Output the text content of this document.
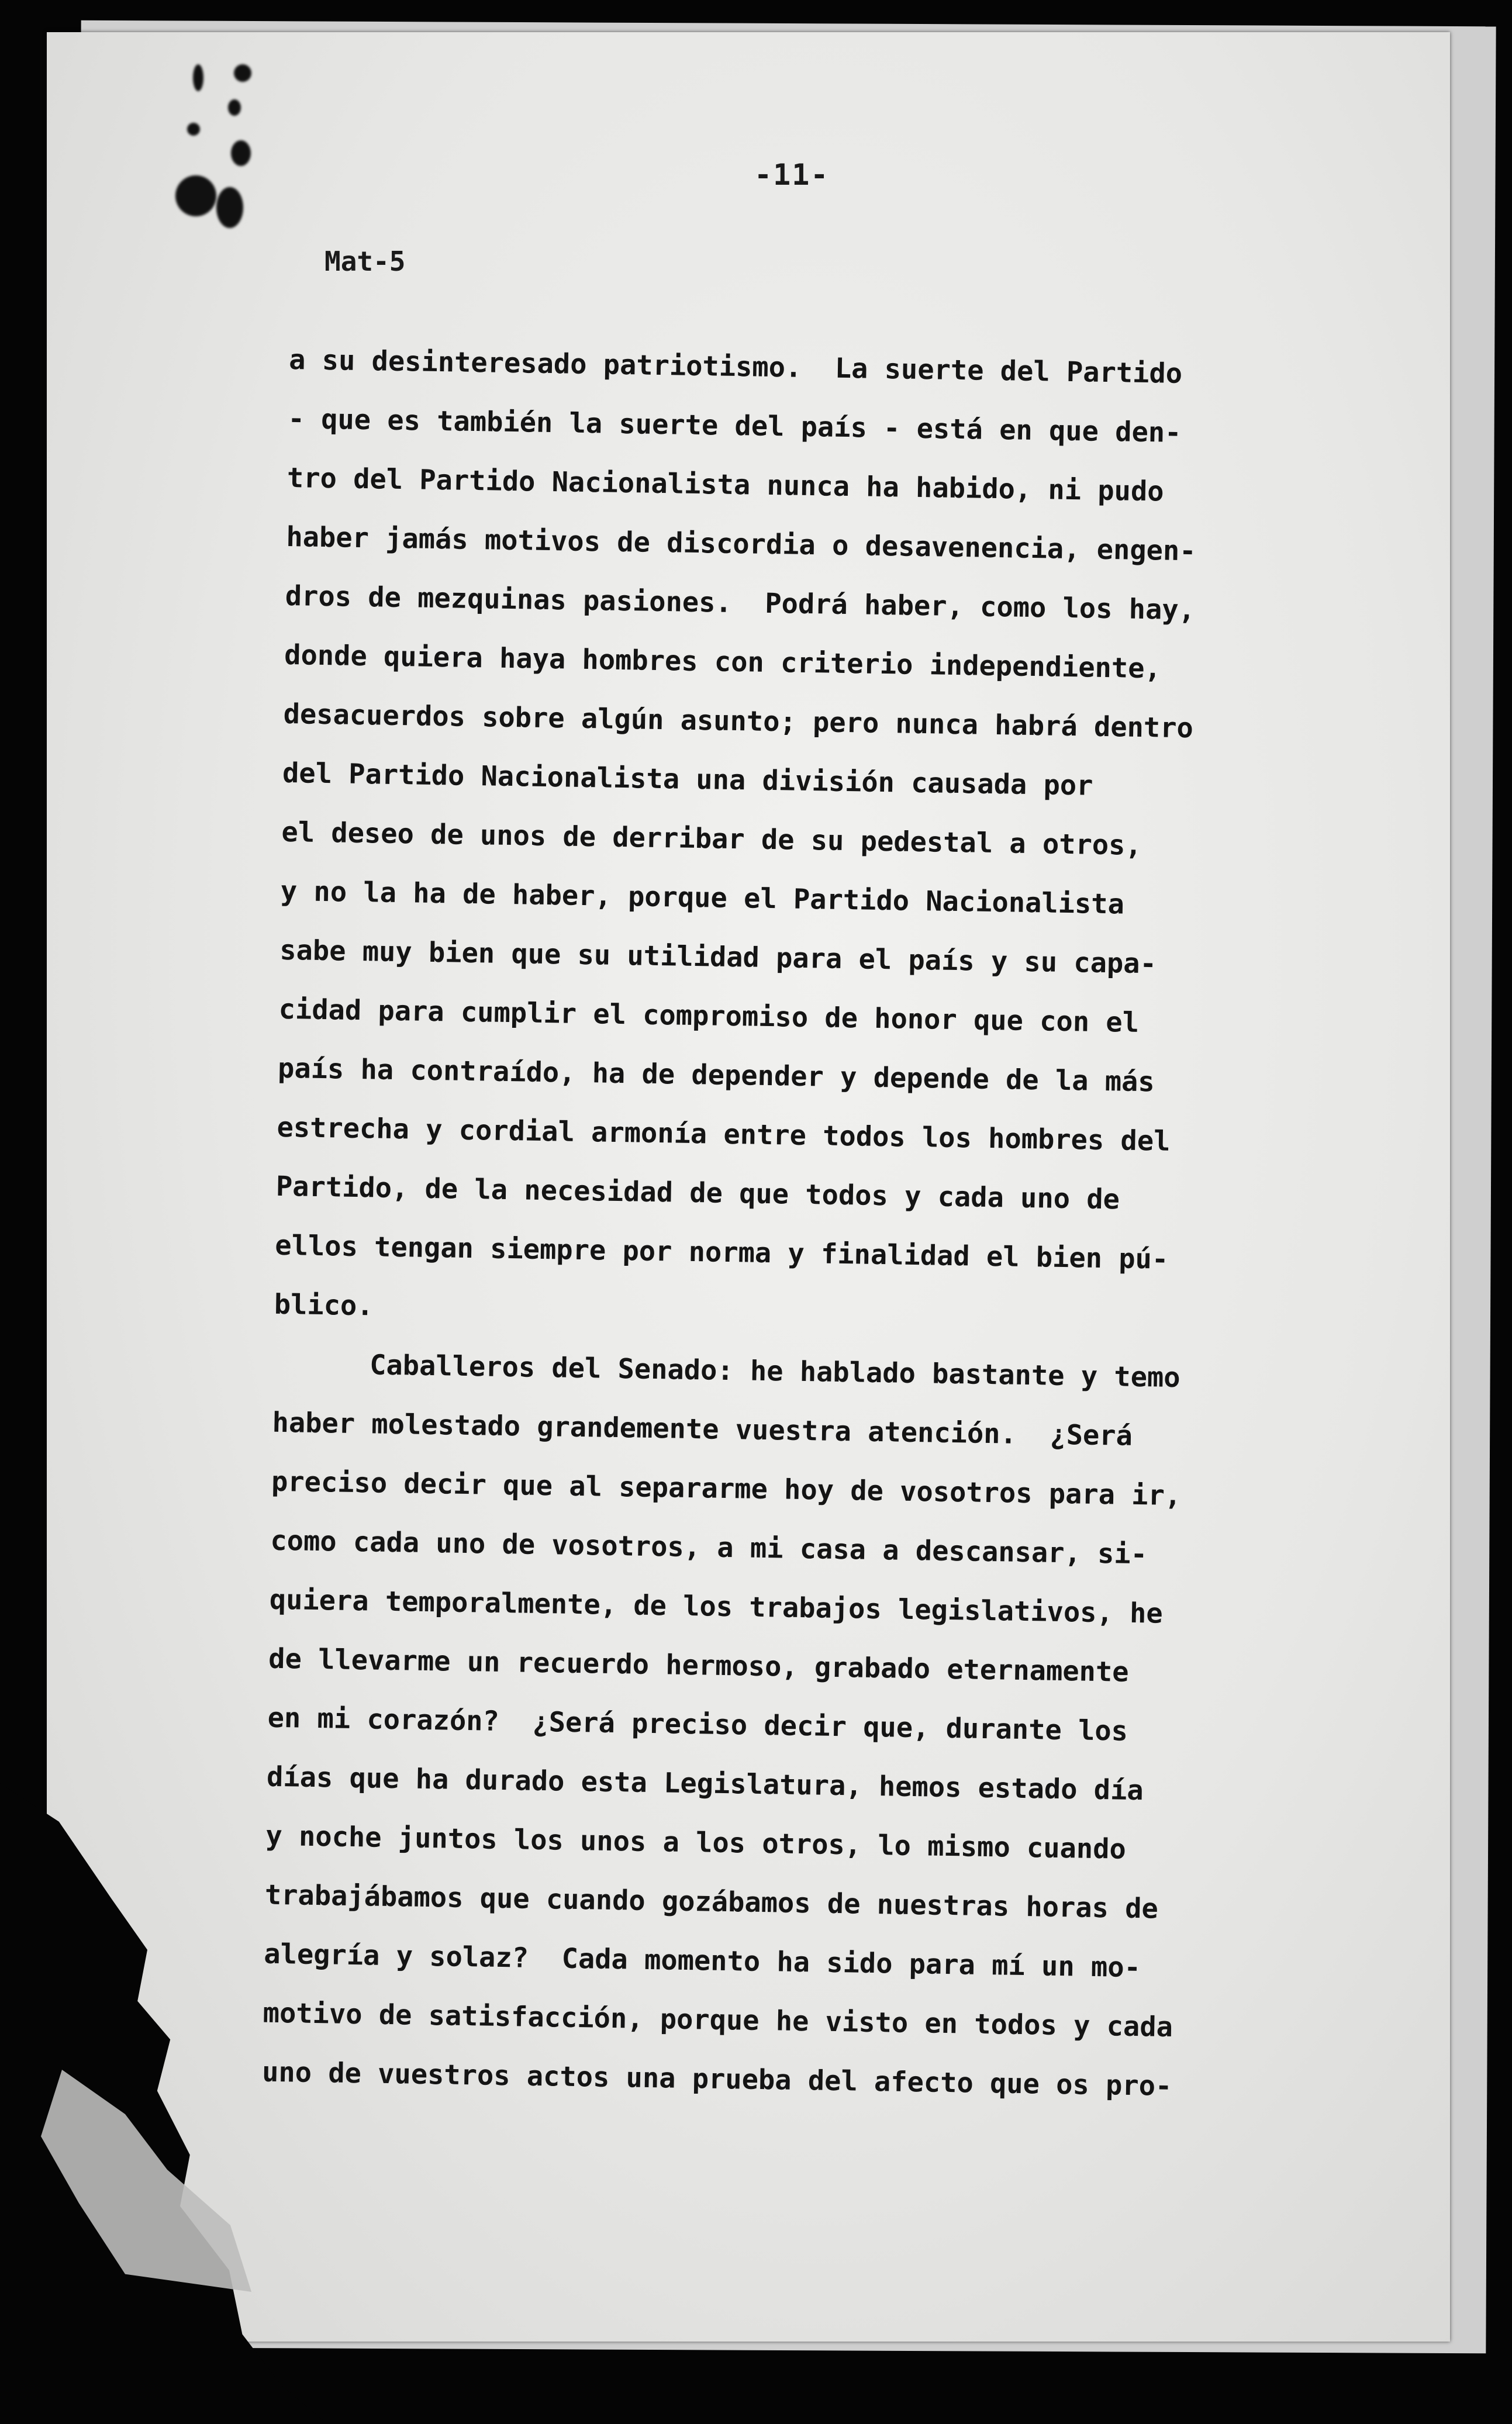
-11-
Mat-5
a su desinteresado patriotismo.  La suerte del Partido
- que es también la suerte del país - está en que den-
tro del Partido Nacionalista nunca ha habido, ni pudo
haber jamás motivos de discordia o desavenencia, engen-
dros de mezquinas pasiones.  Podrá haber, como los hay,
donde quiera haya hombres con criterio independiente,
desacuerdos sobre algún asunto; pero nunca habrá dentro
del Partido Nacionalista una división causada por
el deseo de unos de derribar de su pedestal a otros,
y no la ha de haber, porque el Partido Nacionalista
sabe muy bien que su utilidad para el país y su capa-
cidad para cumplir el compromiso de honor que con el
país ha contraído, ha de depender y depende de la más
estrecha y cordial armonía entre todos los hombres del
Partido, de la necesidad de que todos y cada uno de
ellos tengan siempre por norma y finalidad el bien pú-
blico.
Caballeros del Senado: he hablado bastante y temo
haber molestado grandemente vuestra atención.  ¿Será
preciso decir que al separarme hoy de vosotros para ir,
como cada uno de vosotros, a mi casa a descansar, si-
quiera temporalmente, de los trabajos legislativos, he
de llevarme un recuerdo hermoso, grabado eternamente
en mi corazón?  ¿Será preciso decir que, durante los
días que ha durado esta Legislatura, hemos estado día
y noche juntos los unos a los otros, lo mismo cuando
trabajábamos que cuando gozábamos de nuestras horas de
alegría y solaz?  Cada momento ha sido para mí un mo-
motivo de satisfacción, porque he visto en todos y cada
uno de vuestros actos una prueba del afecto que os pro-
